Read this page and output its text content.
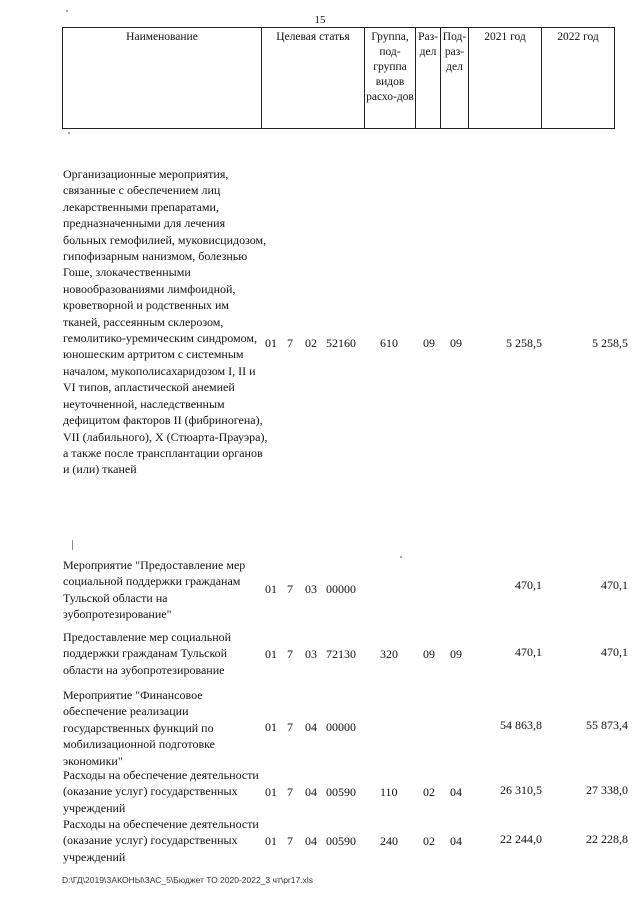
15
Наименование	Целевая статья	Группа, под-группа видов расхо-дов	Раз-дел	Под-раз-дел	2021 год	2022 год
Организационные мероприятия, связанные с обеспечением лиц лекарственными препаратами, предназначенными для лечения больных гемофилией, муковисцидозом, гипофизарным нанизмом, болезнью Гоше, злокачественными новообразованиями лимфоидной, кроветворной и родственных им тканей, рассеянным склерозом, гемолитико-уремическим синдромом, юношеским артритом с системным началом, мукополисахаридозом I, II и VI типов, апластической анемией неуточненной, наследственным дефицитом факторов II (фибриногена), VII (лабильного), X (Стюарта-Прауэра), а также после трансплантации органов и (или) тканей
01 7 02 52160 610 09 09	5 258,5	5 258,5
Мероприятие "Предоставление мер социальной поддержки гражданам Тульской области на зубопротезирование"
01 7 03 00000	470,1	470,1
Предоставление мер социальной поддержки гражданам Тульской области на зубопротезирование
01 7 03 72130 320 09 09	470,1	470,1
Мероприятие "Финансовое обеспечение реализации государственных функций по мобилизационной подготовке экономики"
01 7 04 00000	54 863,8	55 873,4
Расходы на обеспечение деятельности (оказание услуг) государственных учреждений
01 7 04 00590 110 02 04	26 310,5	27 338,0
Расходы на обеспечение деятельности (оказание услуг) государственных учреждений
01 7 04 00590 240 02 04	22 244,0	22 228,8
D:\ГД\2019\ЗАКОНЫ\ЗАС_5\Бюджет ТО 2020-2022_3 чт\pr17.xls
